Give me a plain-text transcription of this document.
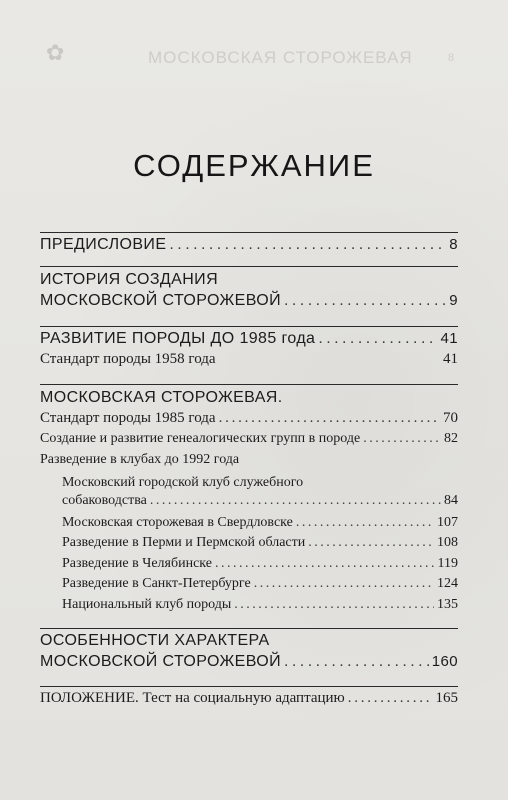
✿	МОСКОВСКАЯ СТОРОЖЕВАЯ	8
СОДЕРЖАНИЕ
ПРЕДИСЛОВИЕ . . .	8
ИСТОРИЯ СОЗДАНИЯ
МОСКОВСКОЙ СТОРОЖЕВОЙ . . .	9
РАЗВИТИЕ ПОРОДЫ ДО 1985 года . . .	41
Стандарт породы 1958 года	41
МОСКОВСКАЯ СТОРОЖЕВАЯ.
Стандарт породы 1985 года . . .	70
Создание и развитие генеалогических групп в породе . . .	82
Разведение в клубах до 1992 года
Московский городской клуб служебного
собаководства . . .	84
Московская сторожевая в Свердловске . . .	107
Разведение в Перми и Пермской области . . .	108
Разведение в Челябинске . . .	119
Разведение в Санкт-Петербурге . . .	124
Национальный клуб породы . . .	135
ОСОБЕННОСТИ ХАРАКТЕРА
МОСКОВСКОЙ СТОРОЖЕВОЙ . . .	160
ПОЛОЖЕНИЕ. Тест на социальную адаптацию . . .	165
